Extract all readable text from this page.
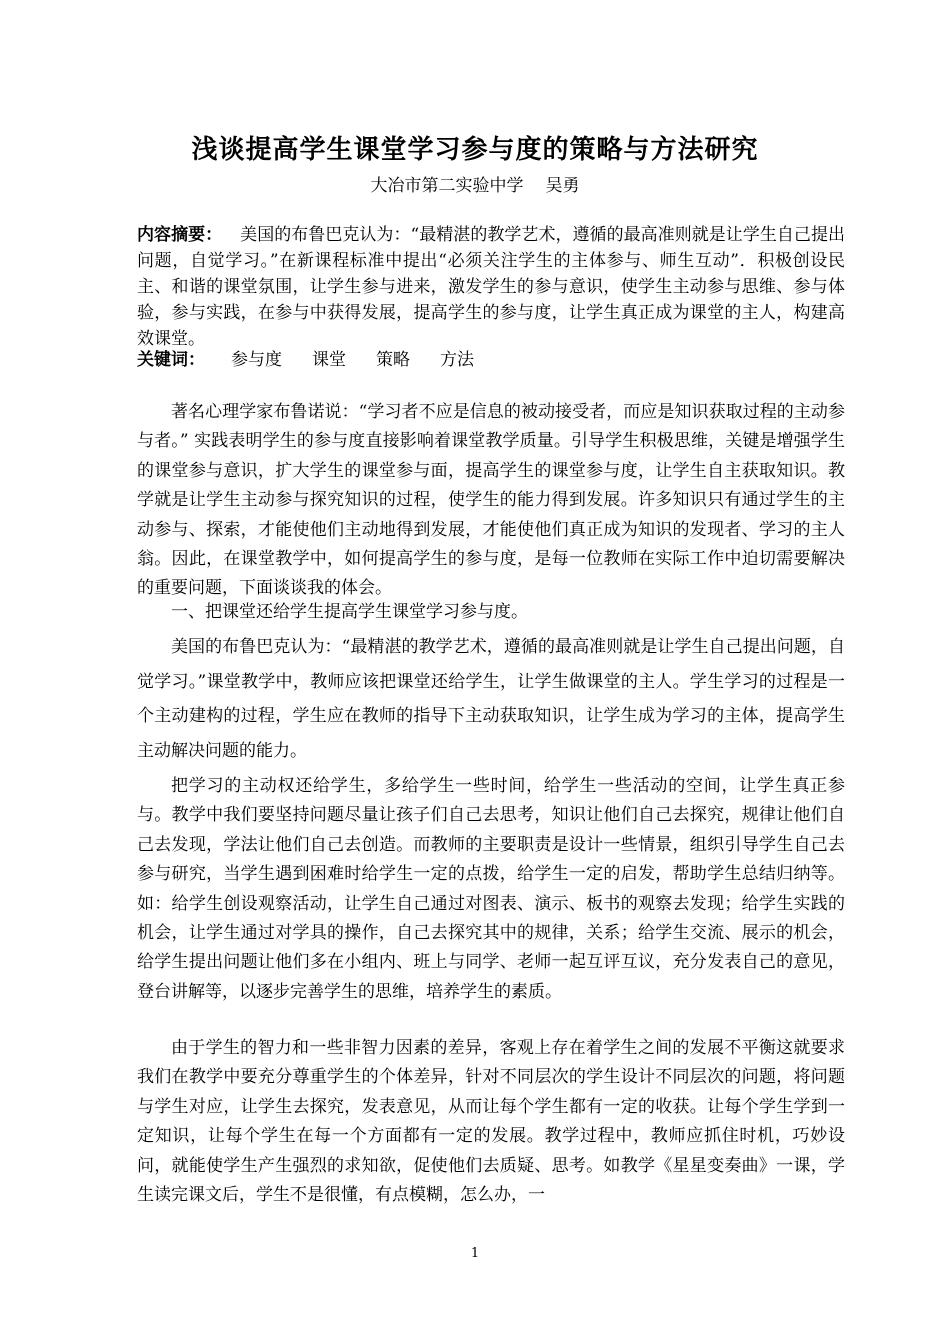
浅谈提高学生课堂学习参与度的策略与方法研究
大冶市第二实验中学 吴勇
内容摘要： 美国的布鲁巴克认为：“最精湛的教学艺术，遵循的最高准则就是让学生自己提出问题，自觉学习。”在新课程标准中提出“必须关注学生的主体参与、师生互动”．积极创设民主、和谐的课堂氛围，让学生参与进来，激发学生的参与意识，使学生主动参与思维、参与体验，参与实践，在参与中获得发展，提高学生的参与度，让学生真正成为课堂的主人，构建高效课堂。
关键词： 参与度 课堂 策略 方法

著名心理学家布鲁诺说：“学习者不应是信息的被动接受者，而应是知识获取过程的主动参与者。” 实践表明学生的参与度直接影响着课堂教学质量。引导学生积极思维，关键是增强学生的课堂参与意识，扩大学生的课堂参与面，提高学生的课堂参与度，让学生自主获取知识。教学就是让学生主动参与探究知识的过程，使学生的能力得到发展。许多知识只有通过学生的主动参与、探索，才能使他们主动地得到发展，才能使他们真正成为知识的发现者、学习的主人翁。因此，在课堂教学中，如何提高学生的参与度，是每一位教师在实际工作中迫切需要解决的重要问题，下面谈谈我的体会。

一、把课堂还给学生提高学生课堂学习参与度。

美国的布鲁巴克认为：“最精湛的教学艺术，遵循的最高准则就是让学生自己提出问题，自觉学习。”课堂教学中，教师应该把课堂还给学生，让学生做课堂的主人。学生学习的过程是一个主动建构的过程，学生应在教师的指导下主动获取知识，让学生成为学习的主体，提高学生主动解决问题的能力。

把学习的主动权还给学生，多给学生一些时间，给学生一些活动的空间，让学生真正参与。教学中我们要坚持问题尽量让孩子们自己去思考，知识让他们自己去探究，规律让他们自己去发现，学法让他们自己去创造。而教师的主要职责是设计一些情景，组织引导学生自己去参与研究，当学生遇到困难时给学生一定的点拨，给学生一定的启发，帮助学生总结归纳等。如：给学生创设观察活动，让学生自己通过对图表、演示、板书的观察去发现；给学生实践的机会，让学生通过对学具的操作，自己去探究其中的规律，关系；给学生交流、展示的机会，给学生提出问题让他们多在小组内、班上与同学、老师一起互评互议，充分发表自己的意见，登台讲解等，以逐步完善学生的思维，培养学生的素质。

由于学生的智力和一些非智力因素的差异，客观上存在着学生之间的发展不平衡这就要求我们在教学中要充分尊重学生的个体差异，针对不同层次的学生设计不同层次的问题，将问题与学生对应，让学生去探究，发表意见，从而让每个学生都有一定的收获。让每个学生学到一定知识，让每个学生在每一个方面都有一定的发展。教学过程中，教师应抓住时机，巧妙设问，就能使学生产生强烈的求知欲，促使他们去质疑、思考。如教学《星星变奏曲》一课，学生读完课文后，学生不是很懂，有点模糊，怎么办，一

1
